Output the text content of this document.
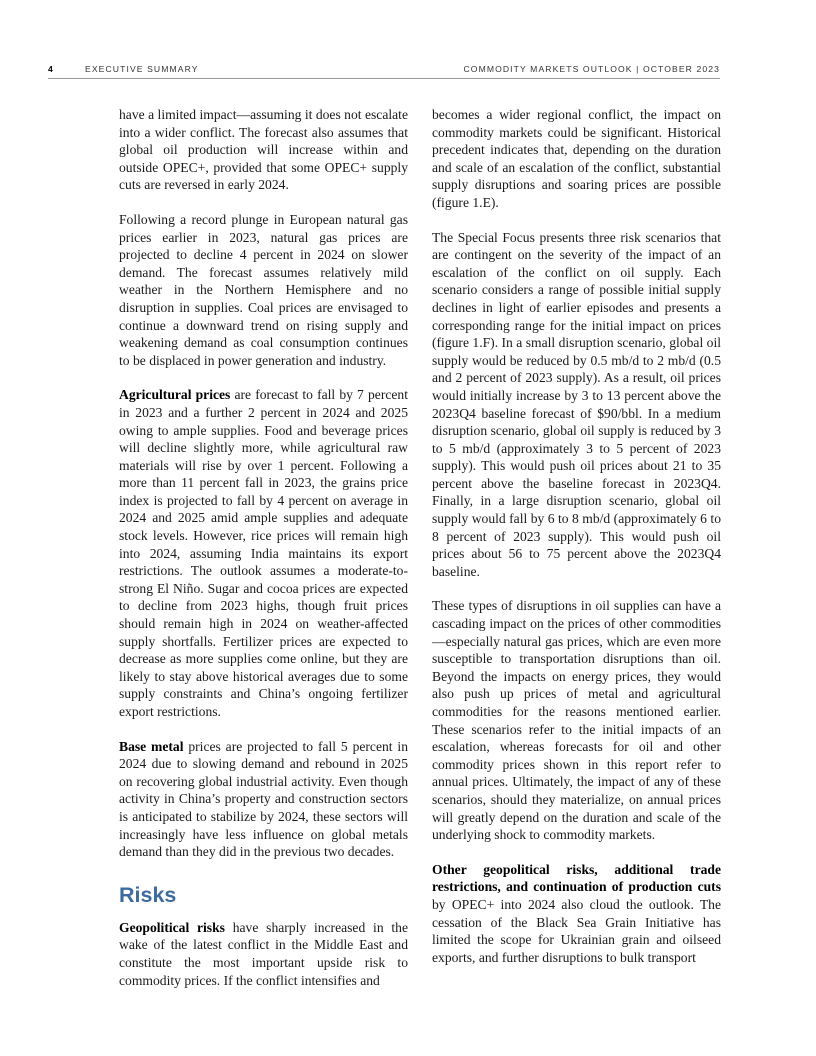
4	EXECUTIVE SUMMARY	COMMODITY MARKETS OUTLOOK | OCTOBER 2023

have a limited impact—assuming it does not escalate into a wider conflict. The forecast also assumes that global oil production will increase within and outside OPEC+, provided that some OPEC+ supply cuts are reversed in early 2024.

Following a record plunge in European natural gas prices earlier in 2023, natural gas prices are projected to decline 4 percent in 2024 on slower demand. The forecast assumes relatively mild weather in the Northern Hemisphere and no disruption in supplies. Coal prices are envisaged to continue a downward trend on rising supply and weakening demand as coal consumption continues to be displaced in power generation and industry.

Agricultural prices are forecast to fall by 7 percent in 2023 and a further 2 percent in 2024 and 2025 owing to ample supplies. Food and beverage prices will decline slightly more, while agricultural raw materials will rise by over 1 percent. Following a more than 11 percent fall in 2023, the grains price index is projected to fall by 4 percent on average in 2024 and 2025 amid ample supplies and adequate stock levels. However, rice prices will remain high into 2024, assuming India maintains its export restrictions. The outlook assumes a moderate-to-strong El Niño. Sugar and cocoa prices are expected to decline from 2023 highs, though fruit prices should remain high in 2024 on weather-affected supply shortfalls. Fertilizer prices are expected to decrease as more supplies come online, but they are likely to stay above historical averages due to some supply constraints and China’s ongoing fertilizer export restrictions.

Base metal prices are projected to fall 5 percent in 2024 due to slowing demand and rebound in 2025 on recovering global industrial activity. Even though activity in China’s property and construction sectors is anticipated to stabilize by 2024, these sectors will increasingly have less influence on global metals demand than they did in the previous two decades.

Risks

Geopolitical risks have sharply increased in the wake of the latest conflict in the Middle East and constitute the most important upside risk to commodity prices. If the conflict intensifies and

becomes a wider regional conflict, the impact on commodity markets could be significant. Historical precedent indicates that, depending on the duration and scale of an escalation of the conflict, substantial supply disruptions and soaring prices are possible (figure 1.E).

The Special Focus presents three risk scenarios that are contingent on the severity of the impact of an escalation of the conflict on oil supply. Each scenario considers a range of possible initial supply declines in light of earlier episodes and presents a corresponding range for the initial impact on prices (figure 1.F). In a small disruption scenario, global oil supply would be reduced by 0.5 mb/d to 2 mb/d (0.5 and 2 percent of 2023 supply). As a result, oil prices would initially increase by 3 to 13 percent above the 2023Q4 baseline forecast of $90/bbl. In a medium disruption scenario, global oil supply is reduced by 3 to 5 mb/d (approximately 3 to 5 percent of 2023 supply). This would push oil prices about 21 to 35 percent above the baseline forecast in 2023Q4. Finally, in a large disruption scenario, global oil supply would fall by 6 to 8 mb/d (approximately 6 to 8 percent of 2023 supply). This would push oil prices about 56 to 75 percent above the 2023Q4 baseline.

These types of disruptions in oil supplies can have a cascading impact on the prices of other commodities—especially natural gas prices, which are even more susceptible to transportation disruptions than oil. Beyond the impacts on energy prices, they would also push up prices of metal and agricultural commodities for the reasons mentioned earlier. These scenarios refer to the initial impacts of an escalation, whereas forecasts for oil and other commodity prices shown in this report refer to annual prices. Ultimately, the impact of any of these scenarios, should they materialize, on annual prices will greatly depend on the duration and scale of the underlying shock to commodity markets.

Other geopolitical risks, additional trade restrictions, and continuation of production cuts by OPEC+ into 2024 also cloud the outlook. The cessation of the Black Sea Grain Initiative has limited the scope for Ukrainian grain and oilseed exports, and further disruptions to bulk transport
